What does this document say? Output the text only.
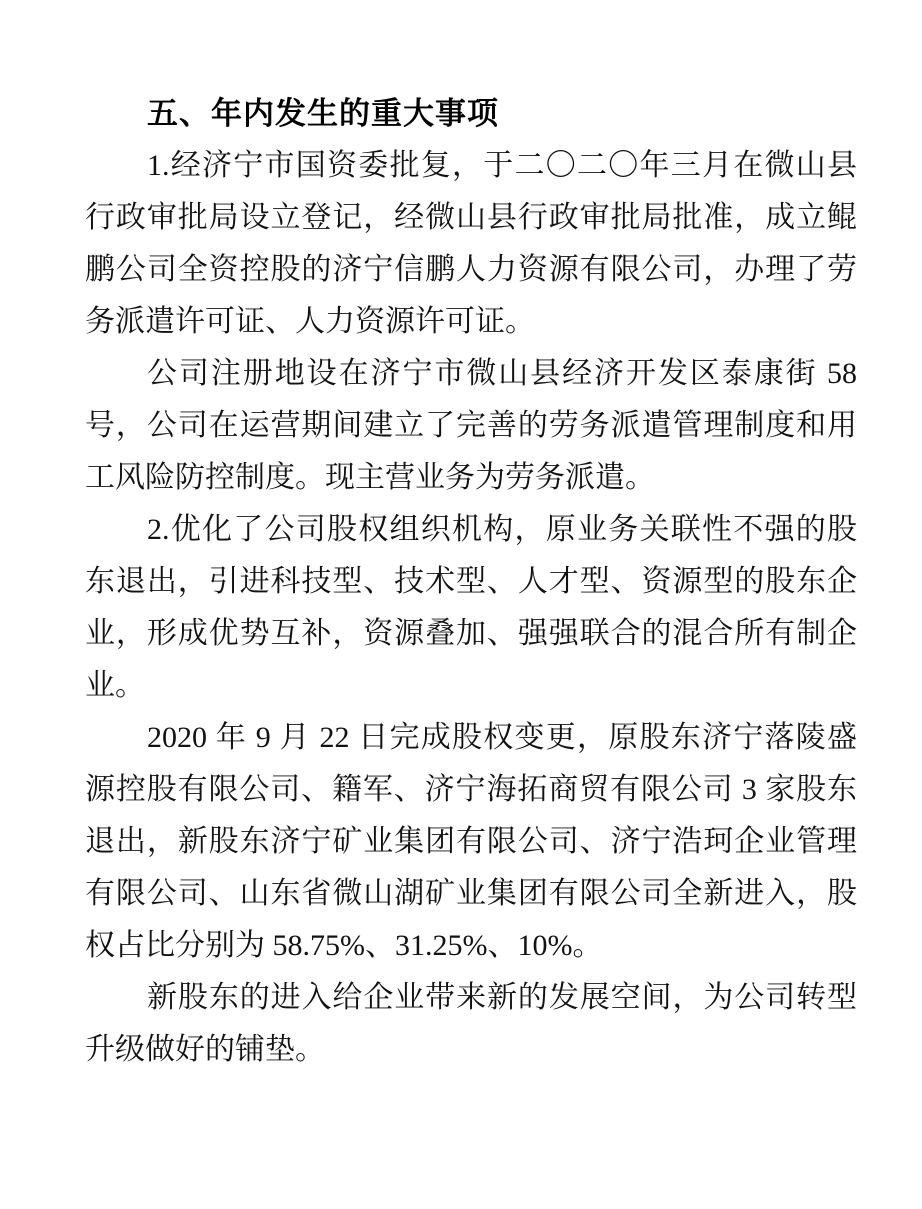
五、年内发生的重大事项

1.经济宁市国资委批复，于二〇二〇年三月在微山县行政审批局设立登记，经微山县行政审批局批准，成立鲲鹏公司全资控股的济宁信鹏人力资源有限公司，办理了劳务派遣许可证、人力资源许可证。

公司注册地设在济宁市微山县经济开发区泰康街 58 号，公司在运营期间建立了完善的劳务派遣管理制度和用工风险防控制度。现主营业务为劳务派遣。

2.优化了公司股权组织机构，原业务关联性不强的股东退出，引进科技型、技术型、人才型、资源型的股东企业，形成优势互补，资源叠加、强强联合的混合所有制企业。

2020 年 9 月 22 日完成股权变更，原股东济宁落陵盛源控股有限公司、籍军、济宁海拓商贸有限公司 3 家股东退出，新股东济宁矿业集团有限公司、济宁浩珂企业管理有限公司、山东省微山湖矿业集团有限公司全新进入，股权占比分别为 58.75%、31.25%、10%。

新股东的进入给企业带来新的发展空间，为公司转型升级做好的铺垫。
